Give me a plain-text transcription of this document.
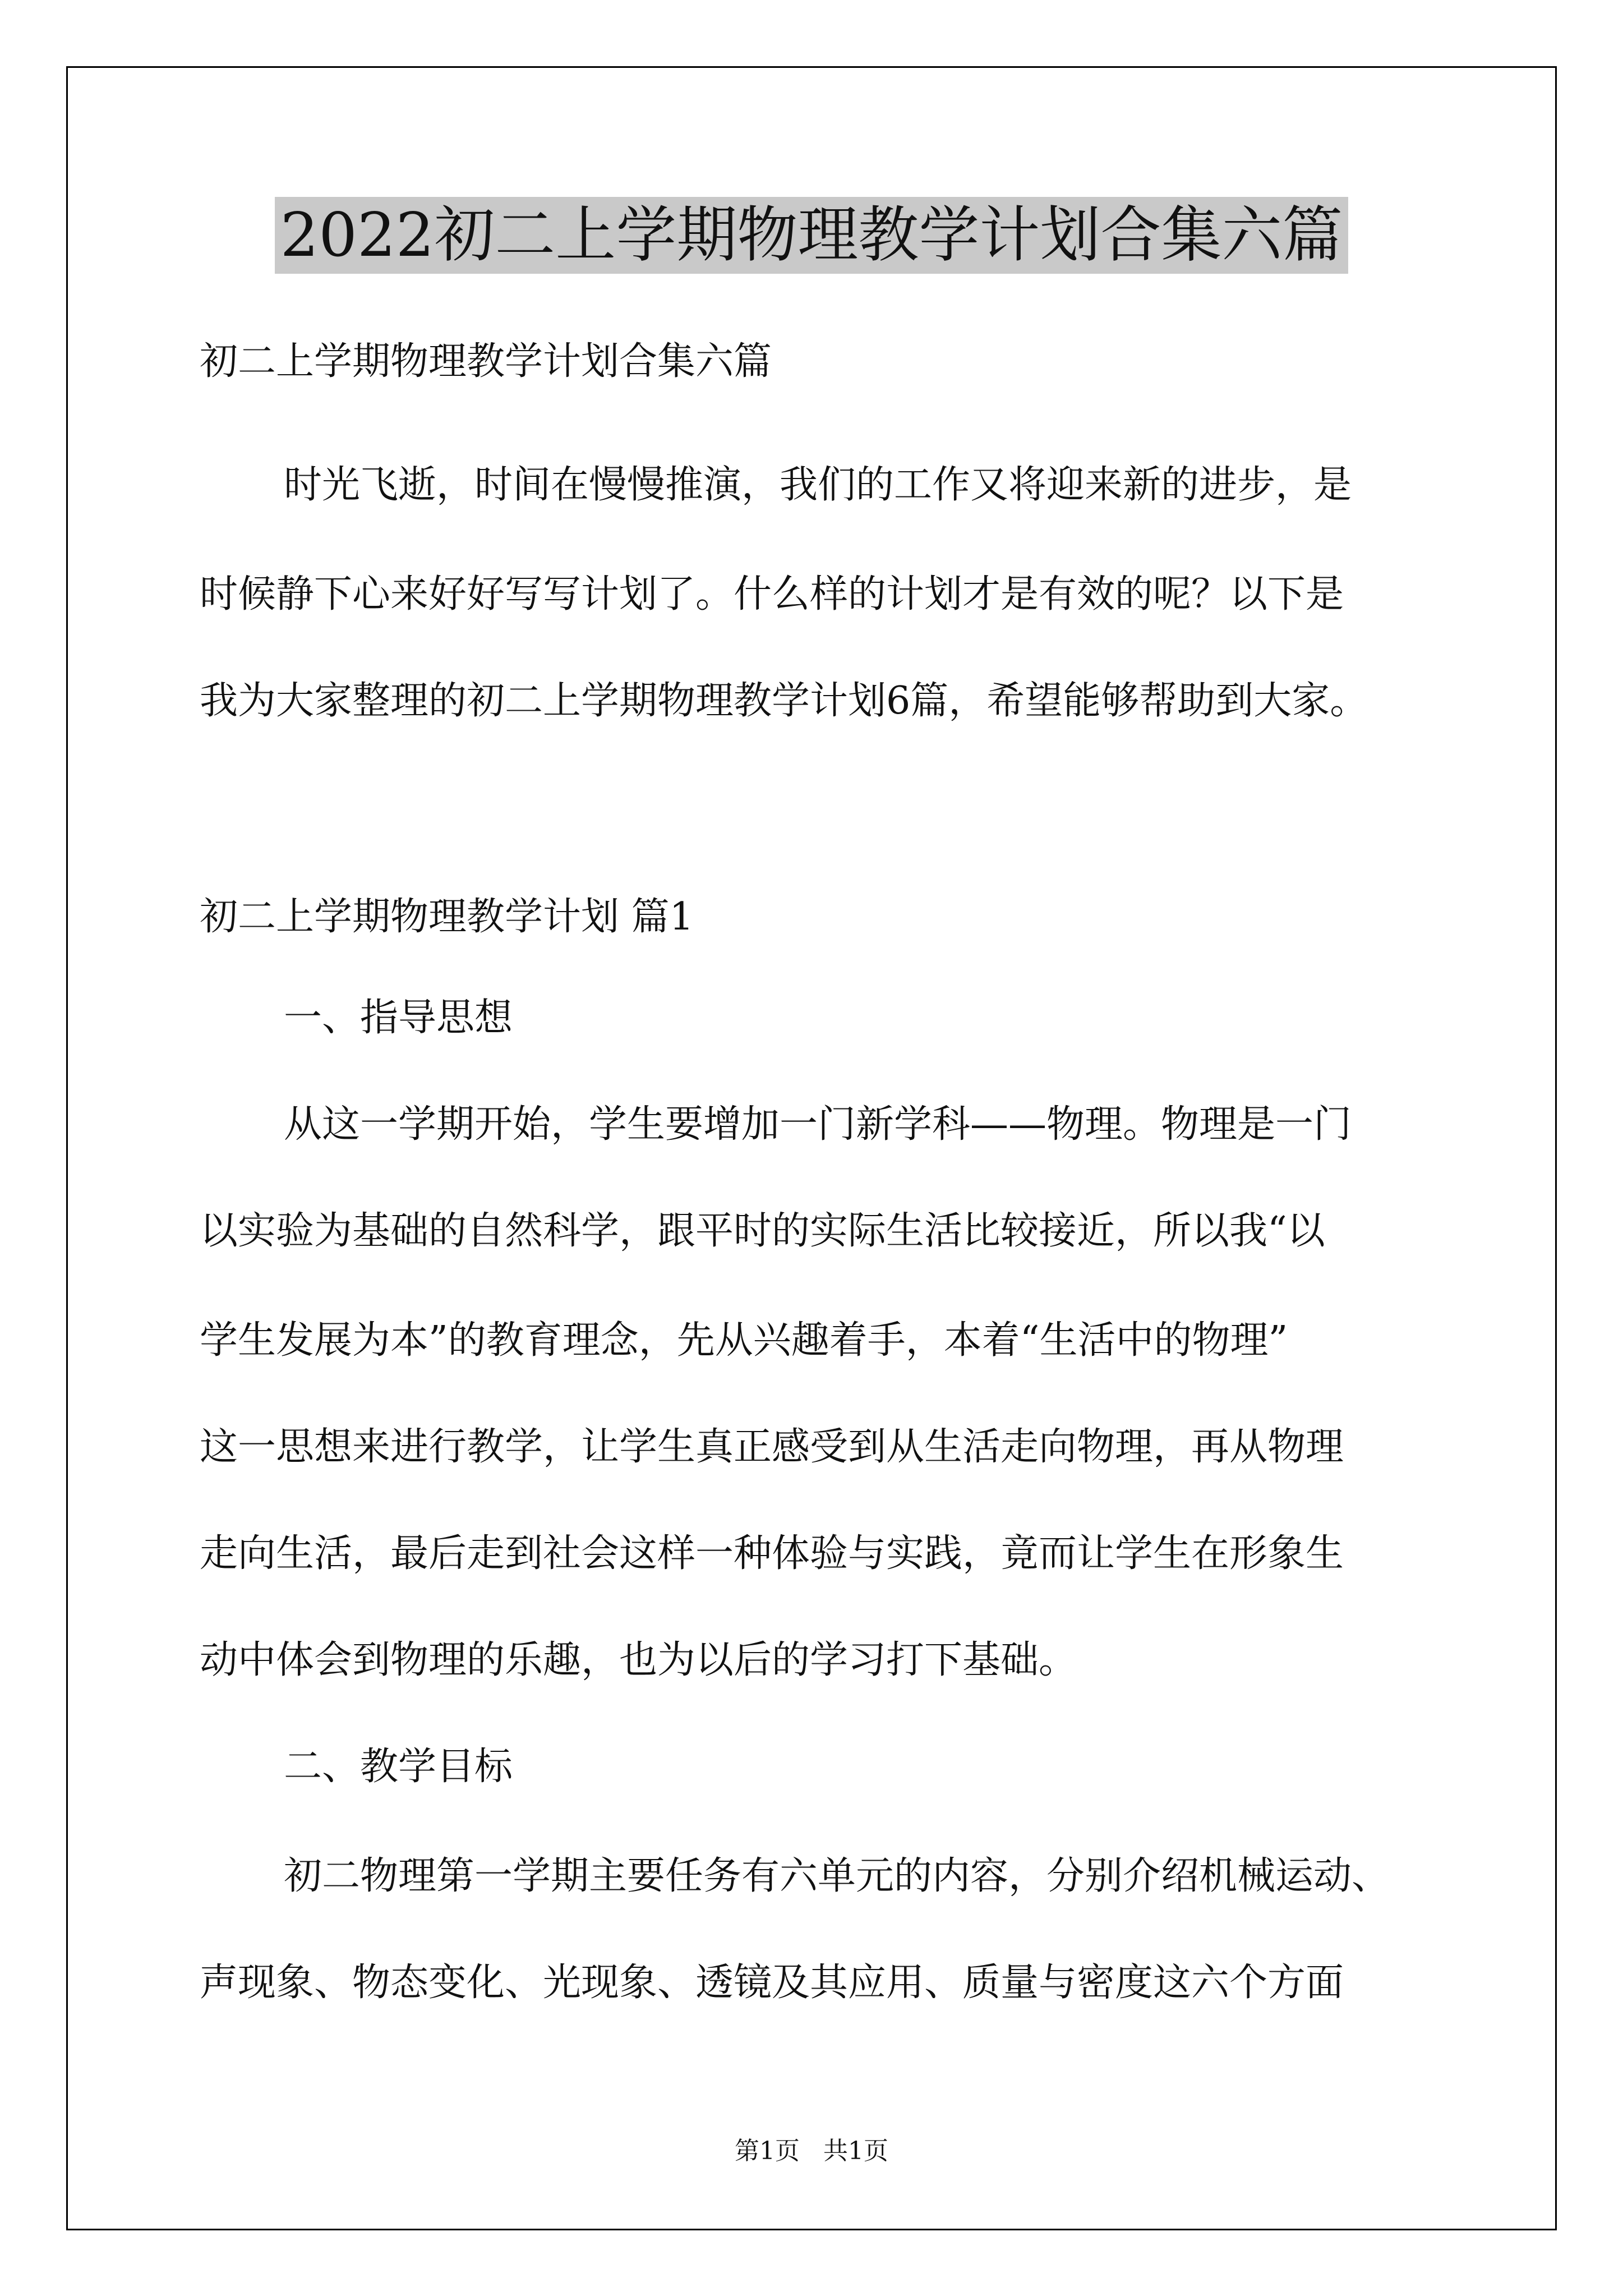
2022初二上学期物理教学计划合集六篇
初二上学期物理教学计划合集六篇
时光飞逝，时间在慢慢推演，我们的工作又将迎来新的进步，是
时候静下心来好好写写计划了。什么样的计划才是有效的呢？以下是
我为大家整理的初二上学期物理教学计划6篇，希望能够帮助到大家。
初二上学期物理教学计划 篇1
一、指导思想
从这一学期开始，学生要增加一门新学科——物理。物理是一门
以实验为基础的自然科学，跟平时的实际生活比较接近，所以我“以
学生发展为本”的教育理念，先从兴趣着手，本着“生活中的物理”
这一思想来进行教学，让学生真正感受到从生活走向物理，再从物理
走向生活，最后走到社会这样一种体验与实践，竟而让学生在形象生
动中体会到物理的乐趣，也为以后的学习打下基础。
二、教学目标
初二物理第一学期主要任务有六单元的内容，分别介绍机械运动、
声现象、物态变化、光现象、透镜及其应用、质量与密度这六个方面
第1页   共1页
